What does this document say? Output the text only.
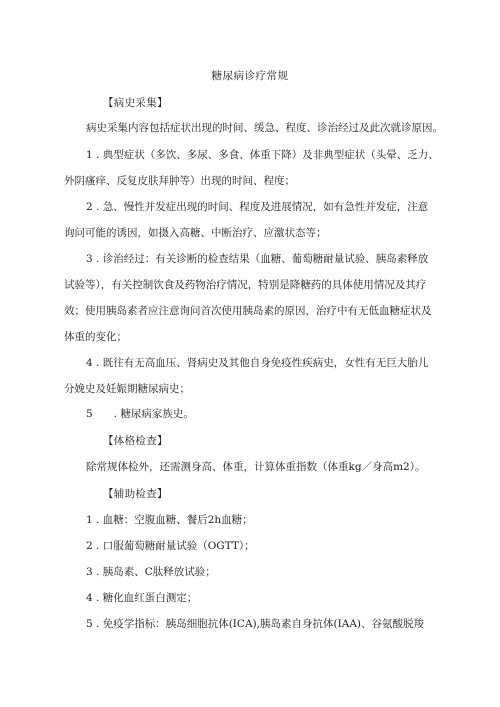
糖尿病诊疗常规
【病史采集】
病史采集内容包括症状出现的时间、缓急、程度、诊治经过及此次就诊原因。
1 . 典型症状（多饮、多尿、多食、体重下降）及非典型症状（头晕、乏力、
外阴瘙痒、反复皮肤拜肿等）出现的时间、程度；
2 . 急、慢性并发症出现的时间、程度及进展情况，如有急性并发症，注意
询问可能的诱因，如摄入高糖、中断治疗、应激状态等；
3 . 诊治经过：有关诊断的检查结果（血糖、葡萄糖耐量试验、胰岛素释放
试验等），有关控制饮食及药物治疗情况，特别是降糖药的具体使用情况及其疗
效；使用胰岛素者应注意询问首次使用胰岛素的原因，治疗中有无低血糖症状及
体重的变化；
4 . 既往有无高血压、肾病史及其他自身免疫性疾病史，女性有无巨大胎儿
分娩史及妊娠期糖尿病史；
5　　. 糖尿病家族史。
【体格检查】
除常规体检外，还需测身高、体重，计算体重指数（体重kg／身高m2）。
【辅助检查】
1 . 血糖：空腹血糖、餐后2h血糖；
2 . 口服葡萄糖耐量试验（OGTT）；
3 . 胰岛素、C肽释放试验；
4 . 糖化血红蛋白测定；
5 . 免疫学指标：胰岛细胞抗体(ICA),胰岛素自身抗体(IAA)、谷氨酸脱羧
